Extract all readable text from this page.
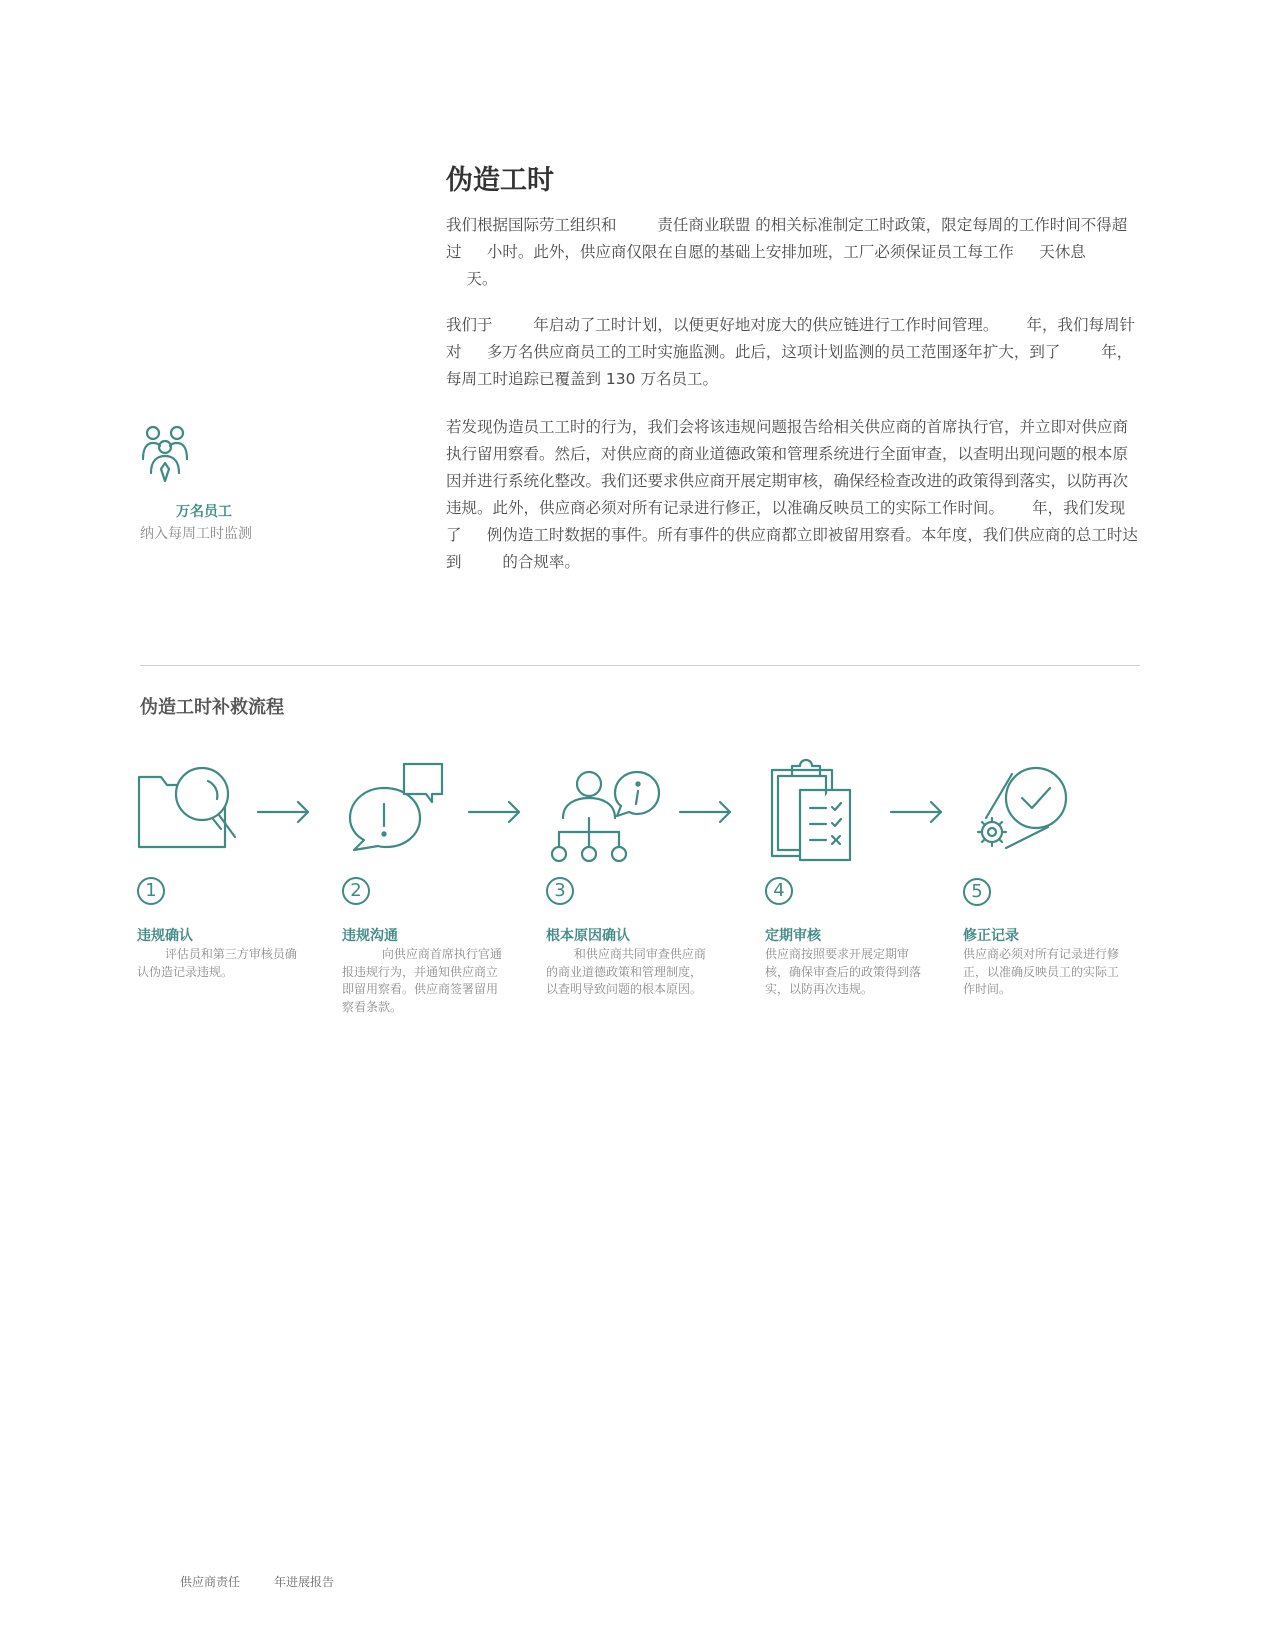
伪造工时

我们根据国际劳工组织和 　　 责任商业联盟 的相关标准制定工时政策，限定每周的工作时间不得超过 　 小时。此外，供应商仅限在自愿的基础上安排加班，工厂必须保证员工每工作 　 天休息 　 天。

我们于 　　 年启动了工时计划，以便更好地对庞大的供应链进行工作时间管理。　　 年，我们每周针对 　 多万名供应商员工的工时实施监测。此后，这项计划监测的员工范围逐年扩大，到了 　　 年，每周工时追踪已覆盖到 130 万名员工。

若发现伪造员工工时的行为，我们会将该违规问题报告给相关供应商的首席执行官，并立即对供应商执行留用察看。然后，对供应商的商业道德政策和管理系统进行全面审查，以查明出现问题的根本原因并进行系统化整改。我们还要求供应商开展定期审核，确保经检查改进的政策得到落实，以防再次违规。此外，供应商必须对所有记录进行修正，以准确反映员工的实际工作时间。　　 年，我们发现了 　 例伪造工时数据的事件。所有事件的供应商都立即被留用察看。本年度，我们供应商的总工时达到 　　 的合规率。

万名员工
纳入每周工时监测
伪造工时补救流程
1
违规确认
　　 评估员和第三方审核员确认伪造记录违规。
2
违规沟通
　　　 向供应商首席执行官通报违规行为，并通知供应商立即留用察看。供应商签署留用察看条款。
3
根本原因确认
　　 和供应商共同审查供应商的商业道德政策和管理制度，以查明导致问题的根本原因。
4
定期审核
供应商按照要求开展定期审核，确保审查后的政策得到落实，以防再次违规。
5
修正记录
供应商必须对所有记录进行修正，以准确反映员工的实际工作时间。
供应商责任	年进展报告
